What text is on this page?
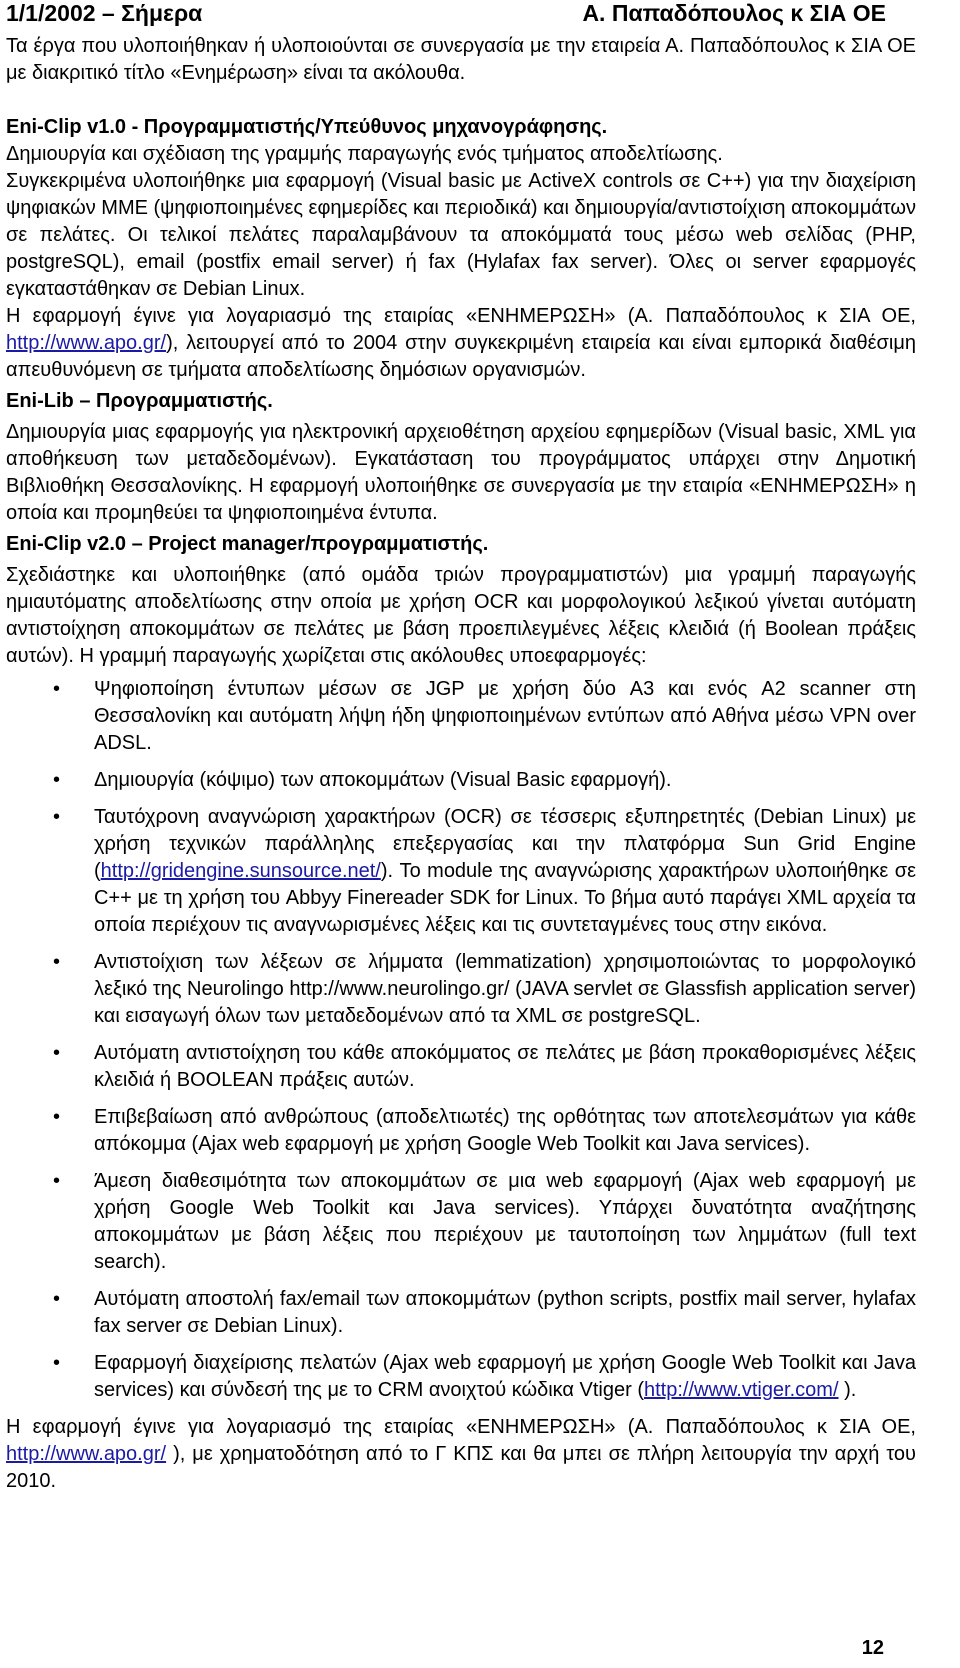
1/1/2002 – Σήμερα	Α. Παπαδόπουλος κ ΣΙΑ ΟΕ

Τα έργα που υλοποιήθηκαν ή υλοποιούνται σε συνεργασία με την εταιρεία Α. Παπαδόπουλος κ ΣΙΑ ΟΕ με διακριτικό τίτλο «Ενημέρωση» είναι τα ακόλουθα.

Eni-Clip v1.0 - Προγραμματιστής/Υπεύθυνος μηχανογράφησης.

Δημιουργία και σχέδιαση της γραμμής παραγωγής ενός τμήματος αποδελτίωσης.

Συγκεκριμένα υλοποιήθηκε μια εφαρμογή (Visual basic με ActiveX controls σε C++) για την διαχείριση ψηφιακών ΜΜΕ (ψηφιοποιημένες εφημερίδες και περιοδικά) και δημιουργία/αντιστοίχιση αποκομμάτων σε πελάτες. Οι τελικοί πελάτες παραλαμβάνουν τα αποκόμματά τους μέσω web σελίδας (PHP, postgreSQL), email (postfix email server) ή fax (Hylafax fax server). Όλες οι server εφαρμογές εγκαταστάθηκαν σε Debian Linux.

Η εφαρμογή έγινε για λογαριασμό της εταιρίας «ΕΝΗΜΕΡΩΣΗ» (Α. Παπαδόπουλος κ ΣΙΑ ΟΕ, http://www.apo.gr/), λειτουργεί από το 2004 στην συγκεκριμένη εταιρεία και είναι εμπορικά διαθέσιμη απευθυνόμενη σε τμήματα αποδελτίωσης δημόσιων οργανισμών.

Eni-Lib – Προγραμματιστής.

Δημιουργία μιας εφαρμογής για ηλεκτρονική αρχειοθέτηση αρχείου εφημερίδων (Visual basic, XML για αποθήκευση των μεταδεδομένων). Εγκατάσταση του προγράμματος υπάρχει στην Δημοτική Βιβλιοθήκη Θεσσαλονίκης. Η εφαρμογή υλοποιήθηκε σε συνεργασία με την εταιρία «ΕΝΗΜΕΡΩΣΗ» η οποία και προμηθεύει τα ψηφιοποιημένα έντυπα.

Eni-Clip v2.0 – Project manager/προγραμματιστής.

Σχεδιάστηκε και υλοποιήθηκε (από ομάδα τριών προγραμματιστών) μια γραμμή παραγωγής ημιαυτόματης αποδελτίωσης στην οποία με χρήση OCR και μορφολογικού λεξικού γίνεται αυτόματη αντιστοίχηση αποκομμάτων σε πελάτες με βάση προεπιλεγμένες λέξεις κλειδιά (ή Boolean πράξεις αυτών). Η γραμμή παραγωγής χωρίζεται στις ακόλουθες υποεφαρμογές:

• Ψηφιοποίηση έντυπων μέσων σε JGP με χρήση δύο A3 και ενός A2 scanner στη Θεσσαλονίκη και αυτόματη λήψη ήδη ψηφιοποιημένων εντύπων από Αθήνα μέσω VPN over ADSL.
• Δημιουργία (κόψιμο) των αποκομμάτων (Visual Basic εφαρμογή).
• Ταυτόχρονη αναγνώριση χαρακτήρων (OCR) σε τέσσερις εξυπηρετητές (Debian Linux) με χρήση τεχνικών παράλληλης επεξεργασίας και την πλατφόρμα Sun Grid Engine (http://gridengine.sunsource.net/). Το module της αναγνώρισης χαρακτήρων υλοποιήθηκε σε C++ με τη χρήση του Abbyy Finereader SDK for Linux. Το βήμα αυτό παράγει XML αρχεία τα οποία περιέχουν τις αναγνωρισμένες λέξεις και τις συντεταγμένες τους στην εικόνα.
• Αντιστοίχιση των λέξεων σε λήμματα (lemmatization) χρησιμοποιώντας το μορφολογικό λεξικό της Neurolingo http://www.neurolingo.gr/ (JAVA servlet σε Glassfish application server) και εισαγωγή όλων των μεταδεδομένων από τα XML σε postgreSQL.
• Αυτόματη αντιστοίχηση του κάθε αποκόμματος σε πελάτες με βάση προκαθορισμένες λέξεις κλειδιά ή BOOLEAN πράξεις αυτών.
• Επιβεβαίωση από ανθρώπους (αποδελτιωτές) της ορθότητας των αποτελεσμάτων για κάθε απόκομμα (Ajax web εφαρμογή με χρήση Google Web Toolkit και Java services).
• Άμεση διαθεσιμότητα των αποκομμάτων σε μια web εφαρμογή (Ajax web εφαρμογή με χρήση Google Web Toolkit και Java services). Υπάρχει δυνατότητα αναζήτησης αποκομμάτων με βάση λέξεις που περιέχουν με ταυτοποίηση των λημμάτων (full text search).
• Αυτόματη αποστολή fax/email των αποκομμάτων (python scripts, postfix mail server, hylafax fax server σε Debian Linux).
• Εφαρμογή διαχείρισης πελατών (Ajax web εφαρμογή με χρήση Google Web Toolkit και Java services) και σύνδεσή της με το CRM ανοιχτού κώδικα Vtiger (http://www.vtiger.com/ ).

Η εφαρμογή έγινε για λογαριασμό της εταιρίας «ΕΝΗΜΕΡΩΣΗ» (Α. Παπαδόπουλος κ ΣΙΑ ΟΕ, http://www.apo.gr/ ), με χρηματοδότηση από το Γ ΚΠΣ και θα μπει σε πλήρη λειτουργία την αρχή του 2010.

12
